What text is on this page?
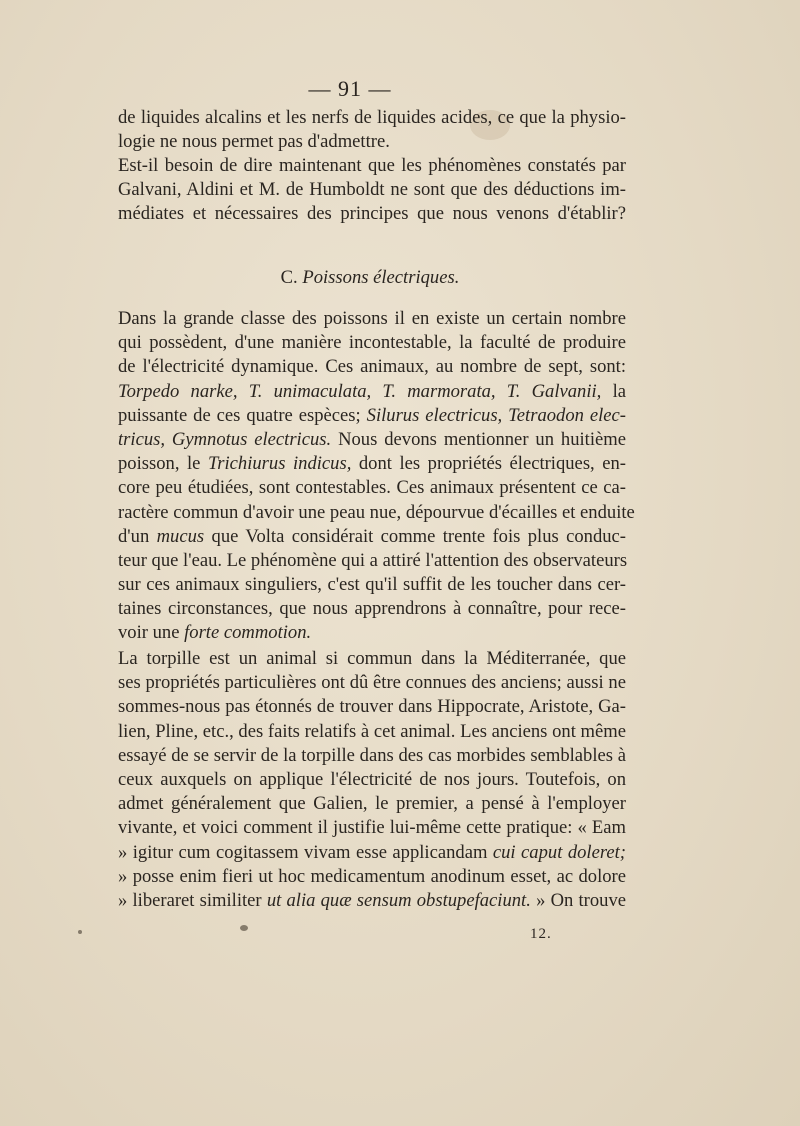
— 91 —
de liquides alcalins et les nerfs de liquides acides, ce que la physio-
logie ne nous permet pas d'admettre.
Est-il besoin de dire maintenant que les phénomènes constatés par
Galvani, Aldini et M. de Humboldt ne sont que des déductions im-
médiates et nécessaires des principes que nous venons d'établir?
C. Poissons électriques.
Dans la grande classe des poissons il en existe un certain nombre
qui possèdent, d'une manière incontestable, la faculté de produire
de l'électricité dynamique. Ces animaux, au nombre de sept, sont:
Torpedo narke, T. unimaculata, T. marmorata, T. Galvanii, la
puissante de ces quatre espèces; Silurus electricus, Tetraodon elec-
tricus, Gymnotus electricus. Nous devons mentionner un huitième
poisson, le Trichiurus indicus, dont les propriétés électriques, en-
core peu étudiées, sont contestables. Ces animaux présentent ce ca-
ractère commun d'avoir une peau nue, dépourvue d'écailles et enduite
d'un mucus que Volta considérait comme trente fois plus conduc-
teur que l'eau. Le phénomène qui a attiré l'attention des observateurs
sur ces animaux singuliers, c'est qu'il suffit de les toucher dans cer-
taines circonstances, que nous apprendrons à connaître, pour rece-
voir une forte commotion.
La torpille est un animal si commun dans la Méditerranée, que
ses propriétés particulières ont dû être connues des anciens; aussi ne
sommes-nous pas étonnés de trouver dans Hippocrate, Aristote, Ga-
lien, Pline, etc., des faits relatifs à cet animal. Les anciens ont même
essayé de se servir de la torpille dans des cas morbides semblables à
ceux auxquels on applique l'électricité de nos jours. Toutefois, on
admet généralement que Galien, le premier, a pensé à l'employer
vivante, et voici comment il justifie lui-même cette pratique: « Eam
» igitur cum cogitassem vivam esse applicandam cui caput doleret;
» posse enim fieri ut hoc medicamentum anodinum esset, ac dolore
» liberaret similiter ut alia quæ sensum obstupefaciunt. » On trouve
12.
